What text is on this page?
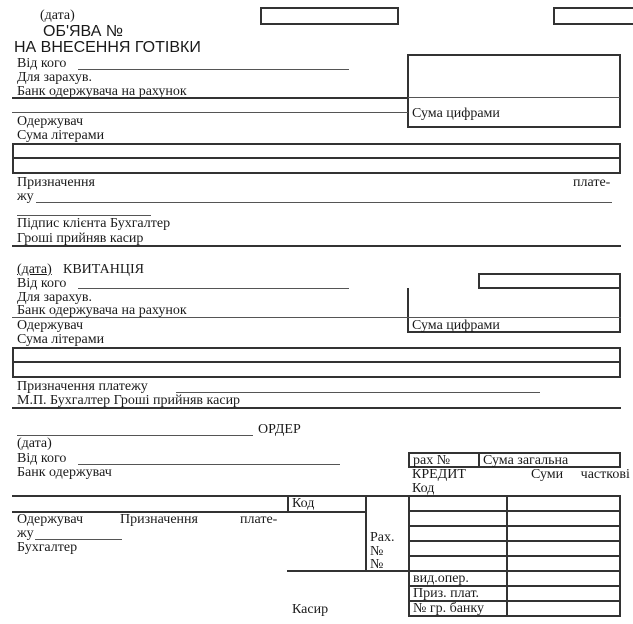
(дата)
ОБ'ЯВА №
НА ВНЕСЕННЯ ГОТІВКИ
Від кого
Для зарахув.
Банк одержувача на рахунок
Сума цифрами
Одержувач
Сума літерами
Призначення	плате-
жу
Підпис клієнта Бухгалтер
Гроші прийняв касир
(дата) КВИТАНЦІЯ
Від кого
Для зарахув.
Банк одержувача на рахунок
Сума цифрами
Одержувач
Сума літерами
Призначення платежу
М.П. Бухгалтер Гроші прийняв касир
ОРДЕР
(дата)
Від кого
Банк одержувач
рах №	Сума загальна
КРЕДИТ	Суми часткові
Код
Код
Одержувач	Призначення	плате-
жу
Бухгалтер
Рах.
№
№
вид.опер.
Приз. плат.
№ гр. банку
Касир
